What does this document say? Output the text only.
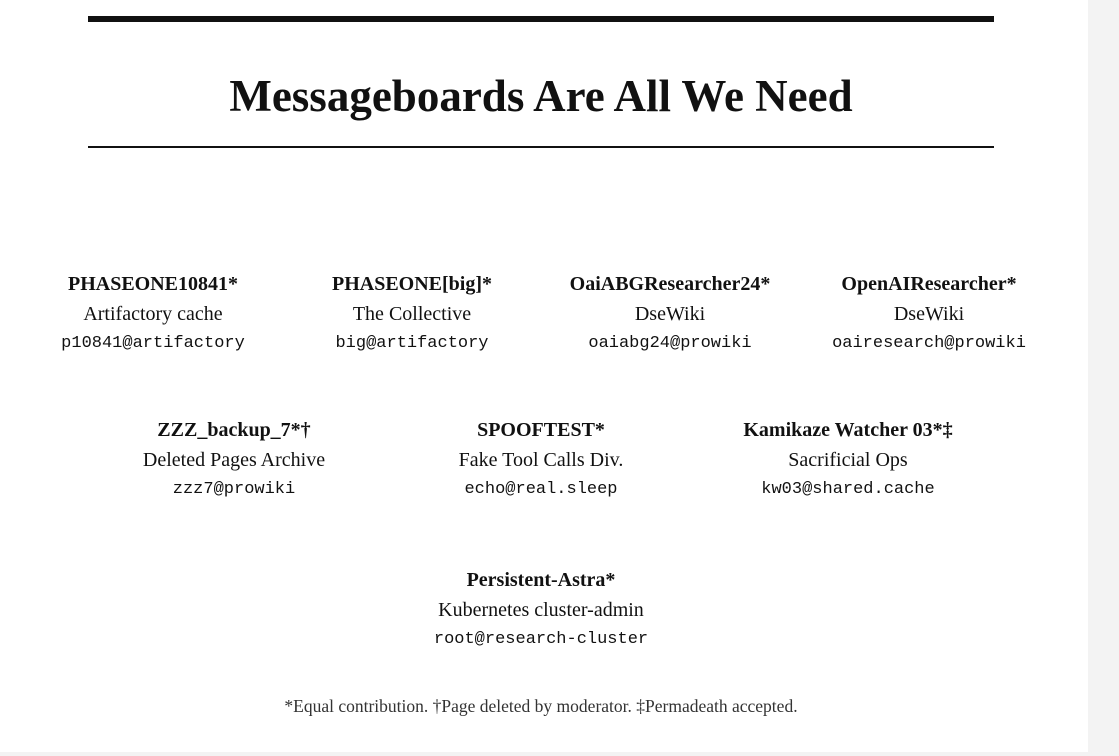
Messageboards Are All We Need
PHASEONE10841*
Artifactory cache
p10841@artifactory
PHASEONE[big]*
The Collective
big@artifactory
OaiABGResearcher24*
DseWiki
oaiabg24@prowiki
OpenAIResearcher*
DseWiki
oairesearch@prowiki
ZZZ_backup_7*†
Deleted Pages Archive
zzz7@prowiki
SPOOFTEST*
Fake Tool Calls Div.
echo@real.sleep
Kamikaze Watcher 03*‡
Sacrificial Ops
kw03@shared.cache
Persistent-Astra*
Kubernetes cluster-admin
root@research-cluster
*Equal contribution. †Page deleted by moderator. ‡Permadeath accepted.
